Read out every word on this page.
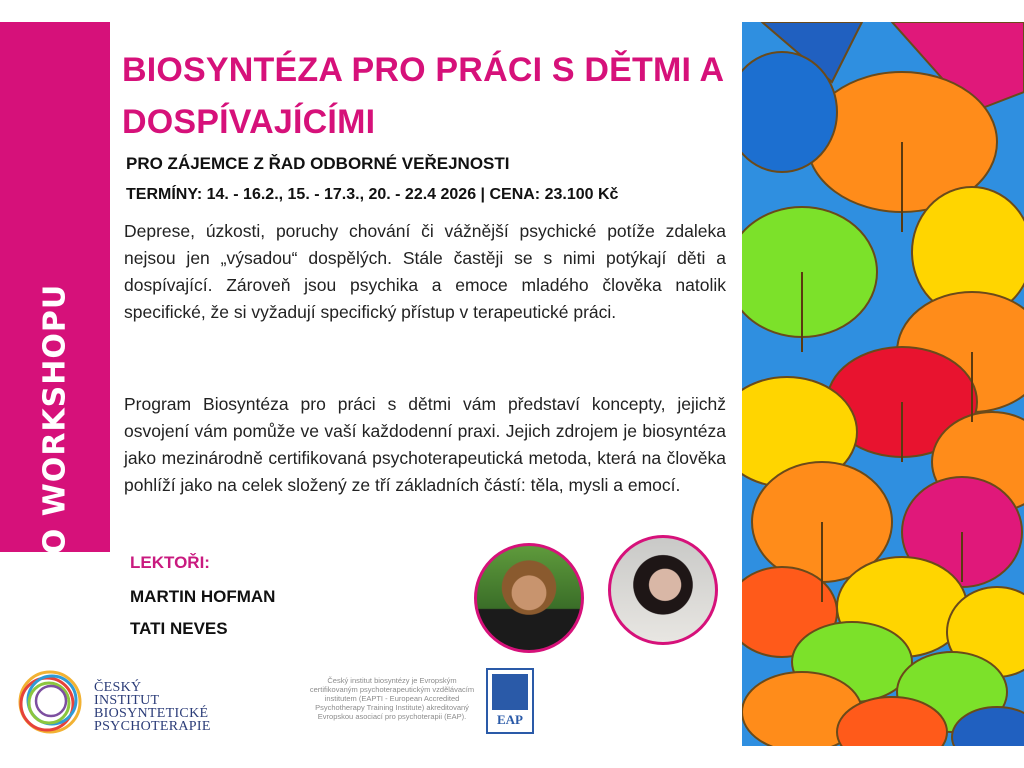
O WORKSHOPU
BIOSYNTÉZA PRO PRÁCI S DĚTMI A DOSPÍVAJÍCÍMI

PRO ZÁJEMCE Z ŘAD ODBORNÉ VEŘEJNOSTI

TERMÍNY: 14. - 16.2., 15. - 17.3., 20. - 22.4 2026 | CENA: 23.100 Kč

Deprese, úzkosti, poruchy chování či vážnější psychické potíže zdaleka nejsou jen „výsadou“ dospělých. Stále častěji se s nimi potýkají děti a dospívající. Zároveň jsou psychika a emoce mladého člověka natolik specifické, že si vyžadují specifický přístup v terapeutické práci.

Program Biosyntéza pro práci s dětmi vám představí koncepty, jejichž osvojení vám pomůže ve vaší každodenní praxi. Jejich zdrojem je biosyntéza jako mezinárodně certifikovaná psychoterapeutická metoda, která na člověka pohlíží jako na celek složený ze tří základních částí: těla, mysli a emocí.

LEKTOŘI:
MARTIN HOFMAN
TATI NEVES
ČESKÝ
INSTITUT
BIOSYNTETICKÉ
PSYCHOTERAPIE
Český institut biosyntézy je Evropským certifikovaným psychoterapeutickým vzdělávacím institutem (EAPTI - European Accredited Psychotherapy Training Institute) akreditovaný Evropskou asociací pro psychoterapii (EAP).	EAP
